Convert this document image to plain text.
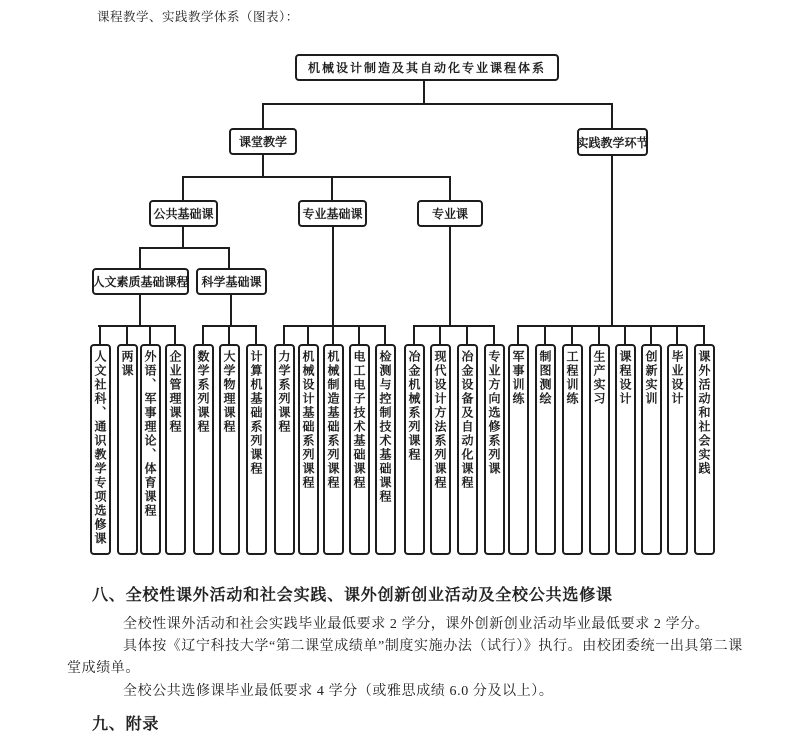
课程教学、实践教学体系（图表）：
机械设计制造及其自动化专业课程体系
课堂教学	实践教学环节
公共基础课	专业基础课	专业课
人文素质基础课程	科学基础课
人文社科、通识教学专项选修课 两课 外语、军事理论、体育课程 企业管理课程 数学系列课程 大学物理课程 计算机基础系列课程 力学系列课程 机械设计基础系列课程 机械制造基础系列课程 电工电子技术基础课程 检测与控制技术基础课程 冶金机械系列课程 现代设计方法系列课程 冶金设备及自动化课程 专业方向选修系列课 军事训练 制图测绘 工程训练 生产实习 课程设计 创新实训 毕业设计 课外活动和社会实践
八、全校性课外活动和社会实践、课外创新创业活动及全校公共选修课
全校性课外活动和社会实践毕业最低要求 2 学分，课外创新创业活动毕业最低要求 2 学分。
具体按《辽宁科技大学“第二课堂成绩单”制度实施办法（试行）》执行。由校团委统一出具第二课
堂成绩单。
全校公共选修课毕业最低要求 4 学分（或雅思成绩 6.0 分及以上）。
九、附录
